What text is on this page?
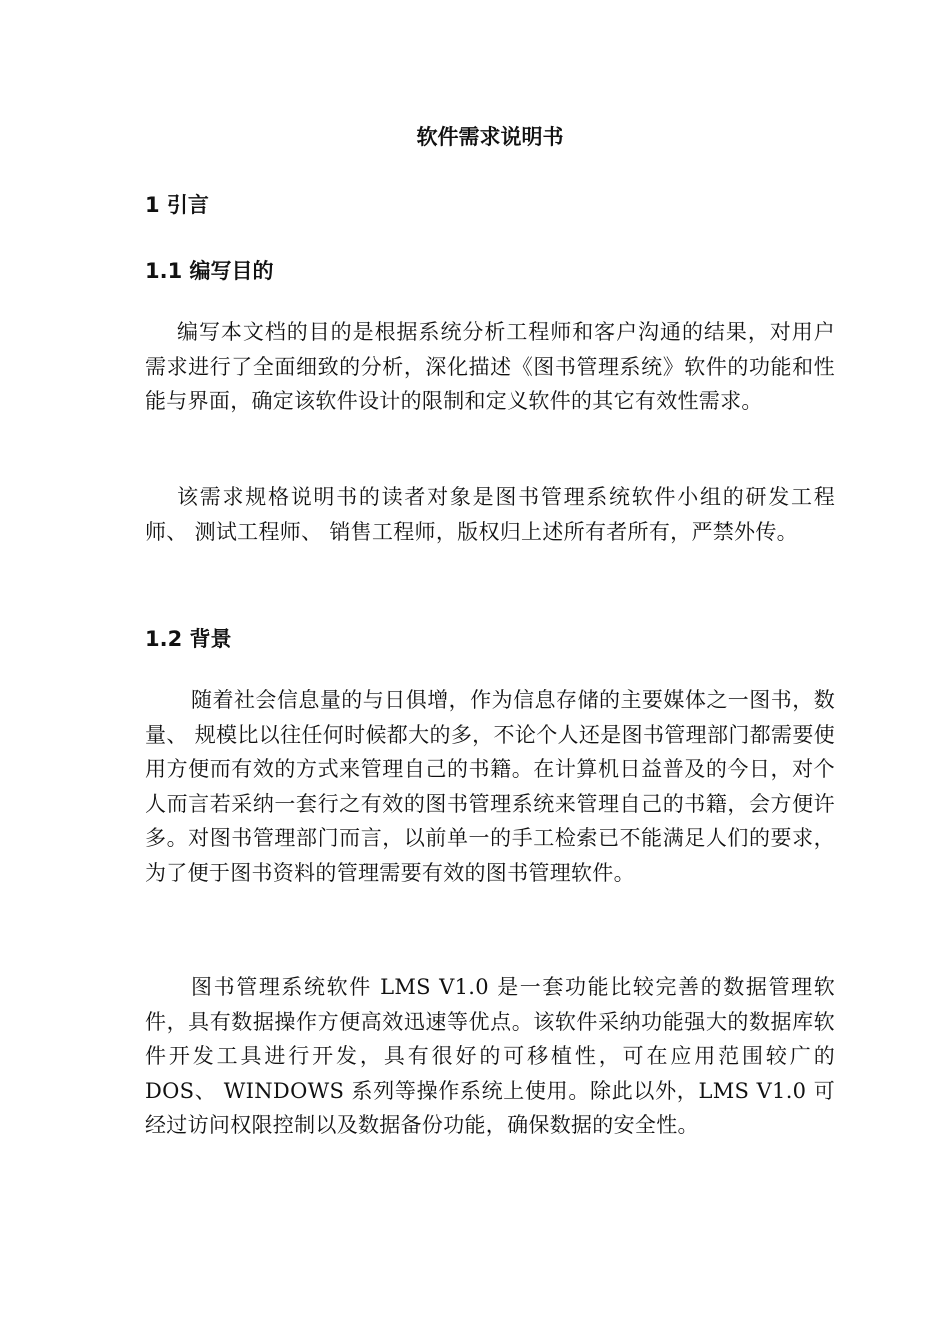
软件需求说明书
1 引言
1.1 编写目的

编写本文档的目的是根据系统分析工程师和客户沟通的结果，对用户需求进行了全面细致的分析，深化描述《图书管理系统》软件的功能和性能与界面，确定该软件设计的限制和定义软件的其它有效性需求。

该需求规格说明书的读者对象是图书管理系统软件小组的研发工程师、 测试工程师、 销售工程师，版权归上述所有者所有，严禁外传。

1.2 背景

随着社会信息量的与日俱增，作为信息存储的主要媒体之一图书，数量、 规模比以往任何时候都大的多，不论个人还是图书管理部门都需要使用方便而有效的方式来管理自己的书籍。在计算机日益普及的今日，对个人而言若采纳一套行之有效的图书管理系统来管理自己的书籍，会方便许多。对图书管理部门而言，以前单一的手工检索已不能满足人们的要求，为了便于图书资料的管理需要有效的图书管理软件。

图书管理系统软件 LMS V1.0 是一套功能比较完善的数据管理软件，具有数据操作方便高效迅速等优点。该软件采纳功能强大的数据库软件开发工具进行开发，具有很好的可移植性，可在应用范围较广的 DOS、 WINDOWS 系列等操作系统上使用。除此以外，LMS V1.0 可经过访问权限控制以及数据备份功能，确保数据的安全性。
